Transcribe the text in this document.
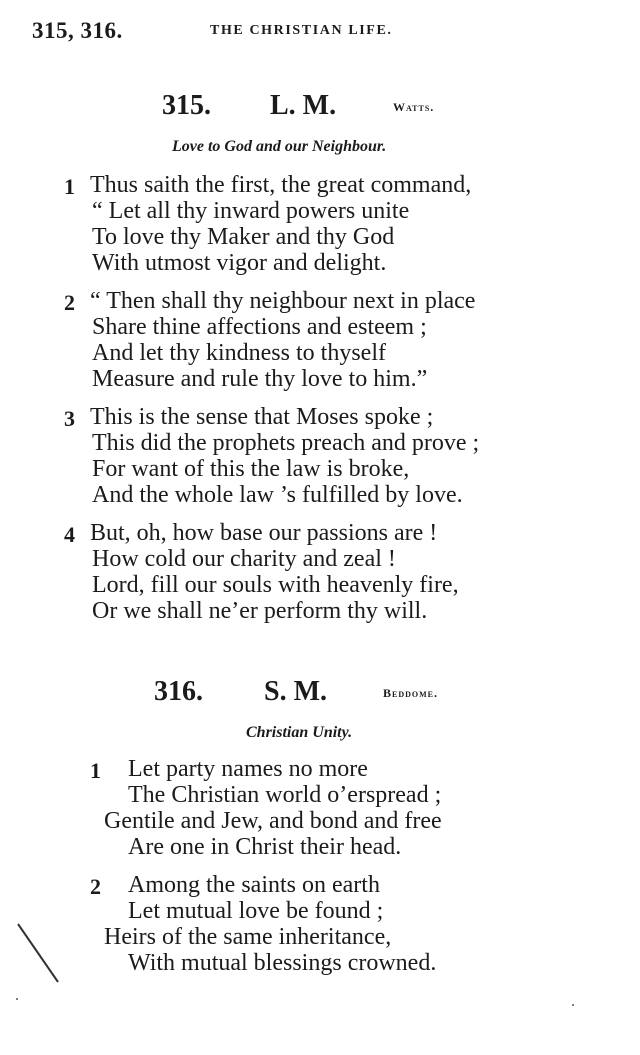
315, 316.	THE CHRISTIAN LIFE.
315. L. M.	Watts.
Love to God and our Neighbour.
1 Thus saith the first, the great command,
“ Let all thy inward powers unite
To love thy Maker and thy God
With utmost vigor and delight.
2 “ Then shall thy neighbour next in place
Share thine affections and esteem ;
And let thy kindness to thyself
Measure and rule thy love to him.”
3 This is the sense that Moses spoke ;
This did the prophets preach and prove ;
For want of this the law is broke,
And the whole law ’s fulfilled by love.
4 But, oh, how base our passions are !
How cold our charity and zeal !
Lord, fill our souls with heavenly fire,
Or we shall ne’er perform thy will.
316. S. M.	Beddome.
Christian Unity.
1 Let party names no more
The Christian world o’erspread ;
Gentile and Jew, and bond and free
Are one in Christ their head.
2 Among the saints on earth
Let mutual love be found ;
Heirs of the same inheritance,
With mutual blessings crowned.
